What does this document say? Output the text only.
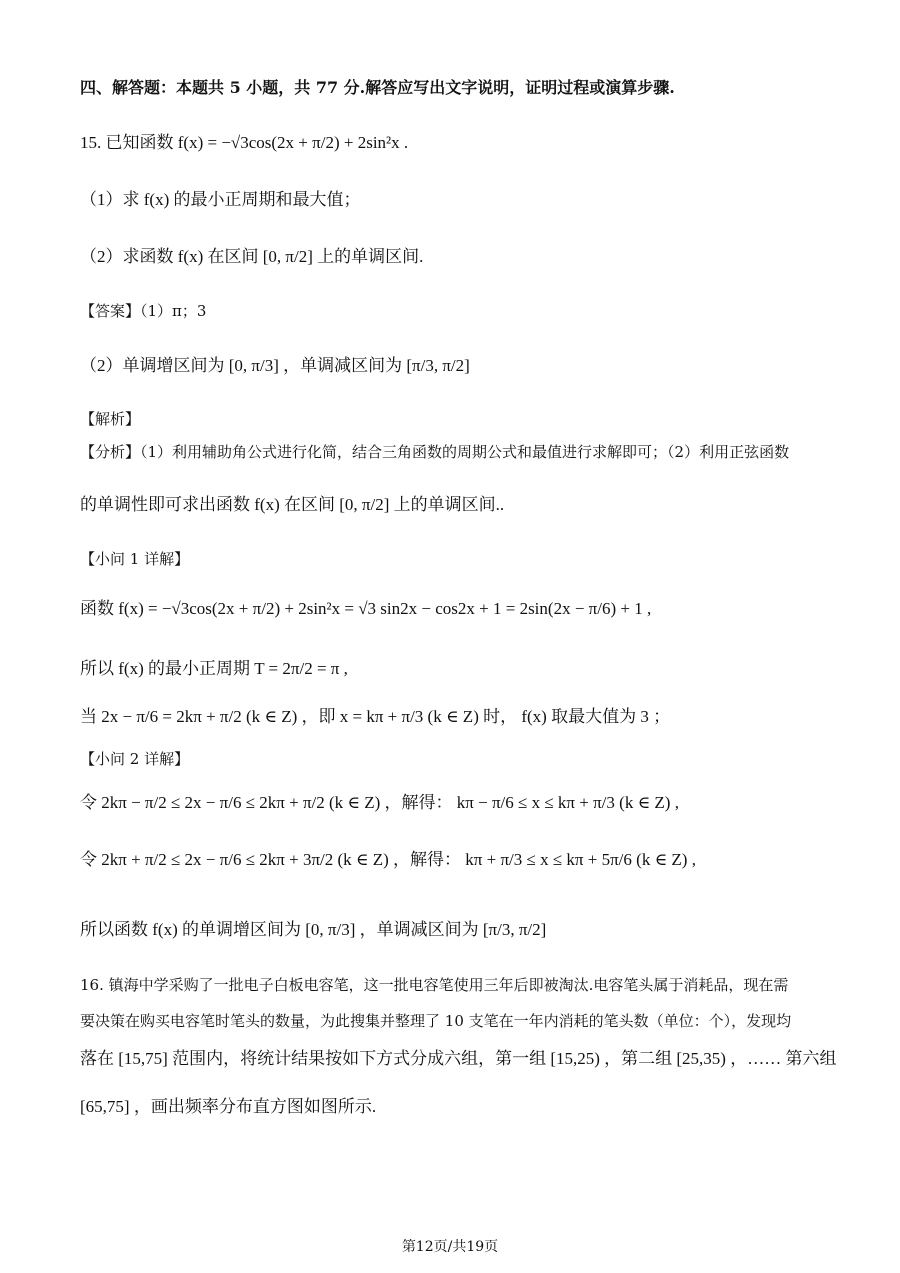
四、解答题：本题共 5 小题，共 77 分.解答应写出文字说明，证明过程或演算步骤.
15. 已知函数 f(x) = −√3cos(2x + π/2) + 2sin²x .
（1）求 f(x) 的最小正周期和最大值；
（2）求函数 f(x) 在区间 [0, π/2] 上的单调区间.
【答案】（1）π；3
（2）单调增区间为 [0, π/3] ，单调减区间为 [π/3, π/2]
【解析】
【分析】（1）利用辅助角公式进行化简，结合三角函数的周期公式和最值进行求解即可；（2）利用正弦函数
的单调性即可求出函数 f(x) 在区间 [0, π/2] 上的单调区间..
【小问 1 详解】
函数 f(x) = −√3cos(2x + π/2) + 2sin²x = √3 sin2x − cos2x + 1 = 2sin(2x − π/6) + 1 ,
所以 f(x) 的最小正周期 T = 2π/2 = π ,
当 2x − π/6 = 2kπ + π/2 (k ∈ Z) ，即 x = kπ + π/3 (k ∈ Z) 时， f(x) 取最大值为 3 ；
【小问 2 详解】
令 2kπ − π/2 ≤ 2x − π/6 ≤ 2kπ + π/2 (k ∈ Z) ，解得： kπ − π/6 ≤ x ≤ kπ + π/3 (k ∈ Z) ,
令 2kπ + π/2 ≤ 2x − π/6 ≤ 2kπ + 3π/2 (k ∈ Z) ，解得： kπ + π/3 ≤ x ≤ kπ + 5π/6 (k ∈ Z) ,
所以函数 f(x) 的单调增区间为 [0, π/3] ，单调减区间为 [π/3, π/2]
16. 镇海中学采购了一批电子白板电容笔，这一批电容笔使用三年后即被淘汰.电容笔头属于消耗品，现在需
要决策在购买电容笔时笔头的数量，为此搜集并整理了 10 支笔在一年内消耗的笔头数（单位：个），发现均
落在 [15,75] 范围内，将统计结果按如下方式分成六组，第一组 [15,25) ，第二组 [25,35) ，…… 第六组
[65,75] ，画出频率分布直方图如图所示.
第12页/共19页
